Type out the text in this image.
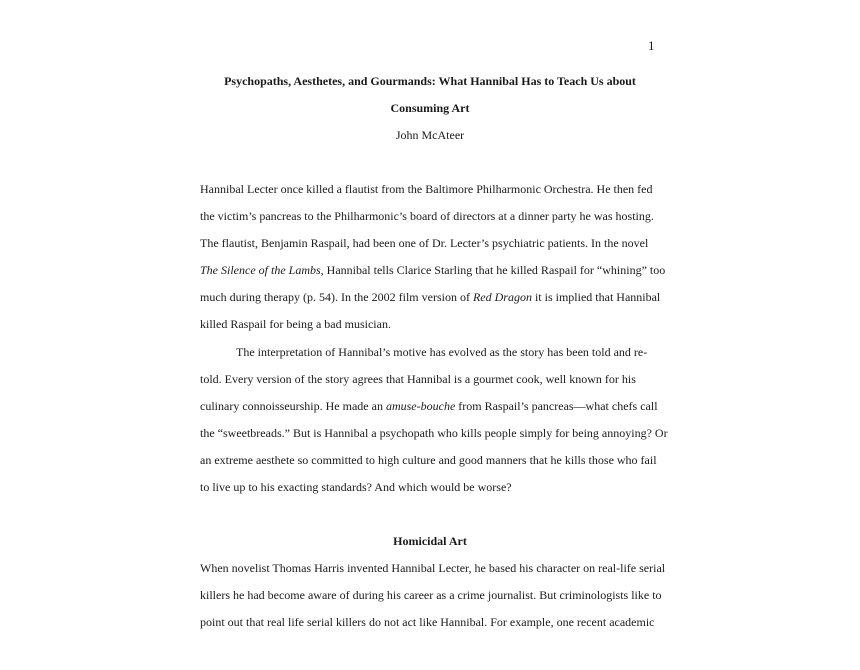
1
Psychopaths, Aesthetes, and Gourmands: What Hannibal Has to Teach Us about
Consuming Art
John McAteer
Hannibal Lecter once killed a flautist from the Baltimore Philharmonic Orchestra. He then fed
the victim’s pancreas to the Philharmonic’s board of directors at a dinner party he was hosting.
The flautist, Benjamin Raspail, had been one of Dr. Lecter’s psychiatric patients. In the novel
The Silence of the Lambs, Hannibal tells Clarice Starling that he killed Raspail for “whining” too
much during therapy (p. 54). In the 2002 film version of Red Dragon it is implied that Hannibal
killed Raspail for being a bad musician.
The interpretation of Hannibal’s motive has evolved as the story has been told and re-
told. Every version of the story agrees that Hannibal is a gourmet cook, well known for his
culinary connoisseurship. He made an amuse-bouche from Raspail’s pancreas—what chefs call
the “sweetbreads.” But is Hannibal a psychopath who kills people simply for being annoying? Or
an extreme aesthete so committed to high culture and good manners that he kills those who fail
to live up to his exacting standards? And which would be worse?
Homicidal Art
When novelist Thomas Harris invented Hannibal Lecter, he based his character on real-life serial
killers he had become aware of during his career as a crime journalist. But criminologists like to
point out that real life serial killers do not act like Hannibal. For example, one recent academic
